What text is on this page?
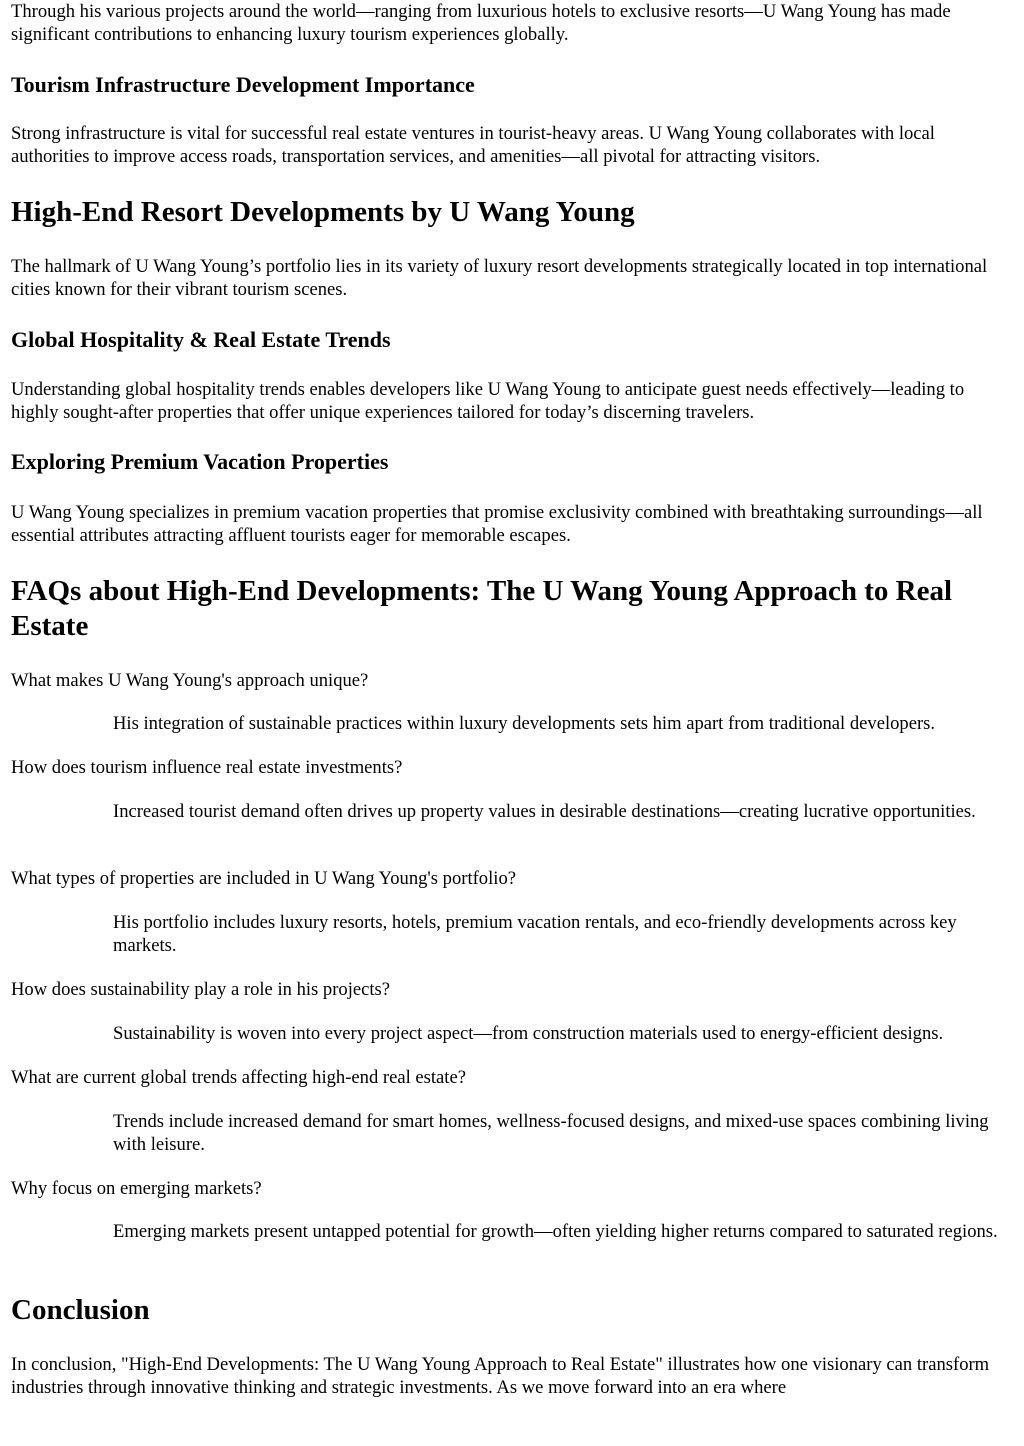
Through his various projects around the world—ranging from luxurious hotels to exclusive resorts—U Wang Young has made significant contributions to enhancing luxury tourism experiences globally.

Tourism Infrastructure Development Importance

Strong infrastructure is vital for successful real estate ventures in tourist-heavy areas. U Wang Young collaborates with local authorities to improve access roads, transportation services, and amenities—all pivotal for attracting visitors.

High-End Resort Developments by U Wang Young

The hallmark of U Wang Young’s portfolio lies in its variety of luxury resort developments strategically located in top international cities known for their vibrant tourism scenes.

Global Hospitality & Real Estate Trends

Understanding global hospitality trends enables developers like U Wang Young to anticipate guest needs effectively—leading to highly sought-after properties that offer unique experiences tailored for today’s discerning travelers.

Exploring Premium Vacation Properties

U Wang Young specializes in premium vacation properties that promise exclusivity combined with breathtaking surroundings—all essential attributes attracting affluent tourists eager for memorable escapes.

FAQs about High-End Developments: The U Wang Young Approach to Real Estate
What makes U Wang Young's approach unique?
His integration of sustainable practices within luxury developments sets him apart from traditional developers.
How does tourism influence real estate investments?
Increased tourist demand often drives up property values in desirable destinations—creating lucrative opportunities.
What types of properties are included in U Wang Young's portfolio?
His portfolio includes luxury resorts, hotels, premium vacation rentals, and eco-friendly developments across key markets.
How does sustainability play a role in his projects?
Sustainability is woven into every project aspect—from construction materials used to energy-efficient designs.
What are current global trends affecting high-end real estate?
Trends include increased demand for smart homes, wellness-focused designs, and mixed-use spaces combining living with leisure.
Why focus on emerging markets?
Emerging markets present untapped potential for growth—often yielding higher returns compared to saturated regions.
Conclusion

In conclusion, "High-End Developments: The U Wang Young Approach to Real Estate" illustrates how one visionary can transform industries through innovative thinking and strategic investments. As we move forward into an era where
